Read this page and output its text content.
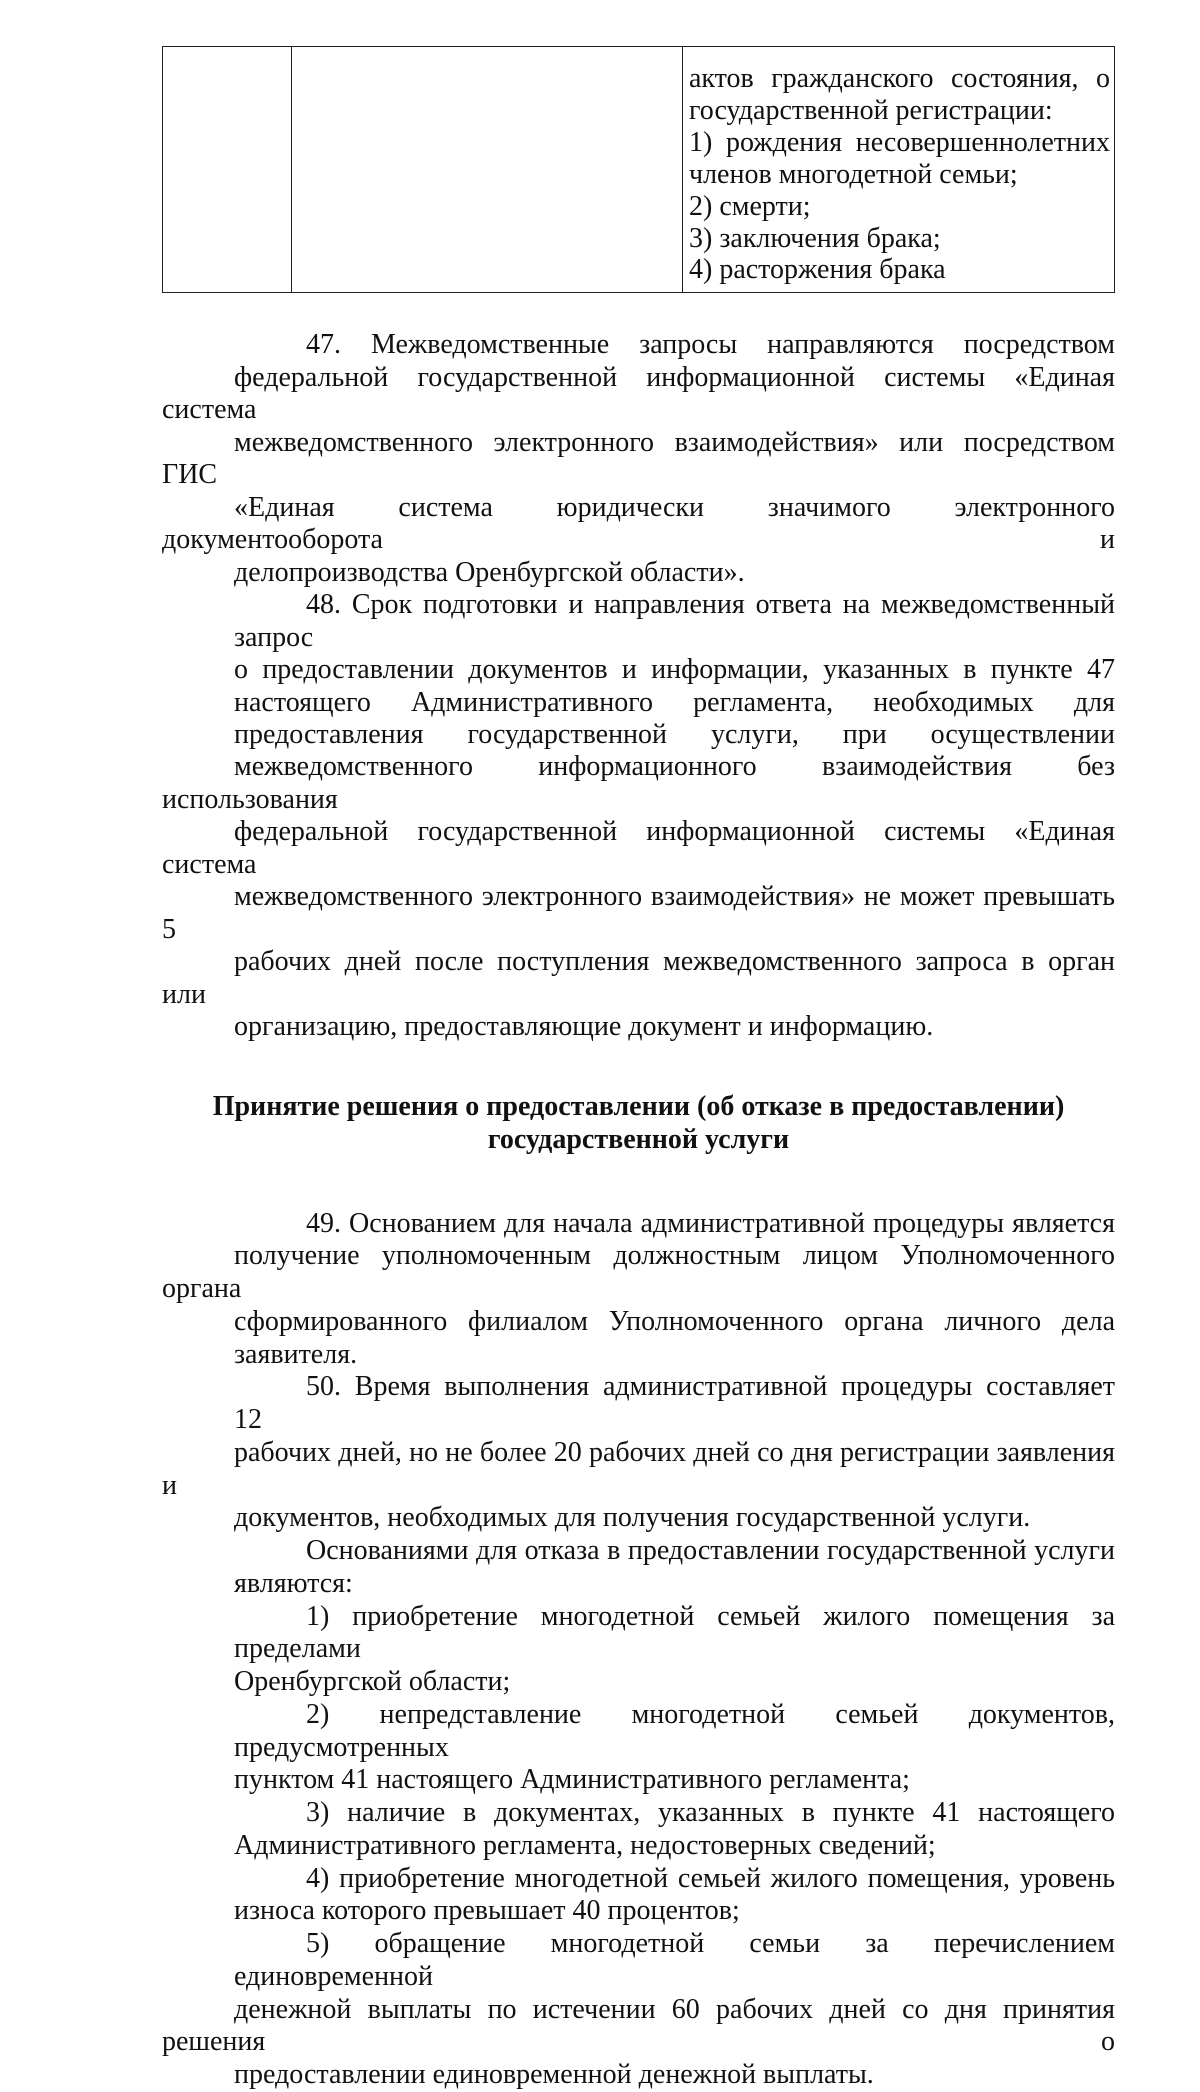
актов гражданского состояния, о
государственной регистрации:
1) рождения несовершеннолетних
членов многодетной семьи;
2) смерти;
3) заключения брака;
4) расторжения брака

47. Межведомственные запросы направляются посредством
федеральной государственной информационной системы «Единая система
межведомственного электронного взаимодействия» или посредством ГИС
«Единая система юридически значимого электронного документооборота и
делопроизводства Оренбургской области».

48. Срок подготовки и направления ответа на межведомственный запрос
о предоставлении документов и информации, указанных в пункте 47
настоящего Административного регламента, необходимых для
предоставления государственной услуги, при осуществлении
межведомственного информационного взаимодействия без использования
федеральной государственной информационной системы «Единая система
межведомственного электронного взаимодействия» не может превышать 5
рабочих дней после поступления межведомственного запроса в орган или
организацию, предоставляющие документ и информацию.

Принятие решения о предоставлении (об отказе в предоставлении)
государственной услуги

49. Основанием для начала административной процедуры является
получение уполномоченным должностным лицом Уполномоченного органа
сформированного филиалом Уполномоченного органа личного дела
заявителя.

50. Время выполнения административной процедуры составляет 12
рабочих дней, но не более 20 рабочих дней со дня регистрации заявления и
документов, необходимых для получения государственной услуги.

Основаниями для отказа в предоставлении государственной услуги
являются:

1) приобретение многодетной семьей жилого помещения за пределами
Оренбургской области;

2) непредставление многодетной семьей документов, предусмотренных
пунктом 41 настоящего Административного регламента;

3) наличие в документах, указанных в пункте 41 настоящего
Административного регламента, недостоверных сведений;

4) приобретение многодетной семьей жилого помещения, уровень
износа которого превышает 40 процентов;

5) обращение многодетной семьи за перечислением единовременной
денежной выплаты по истечении 60 рабочих дней со дня принятия решения о
предоставлении единовременной денежной выплаты.
